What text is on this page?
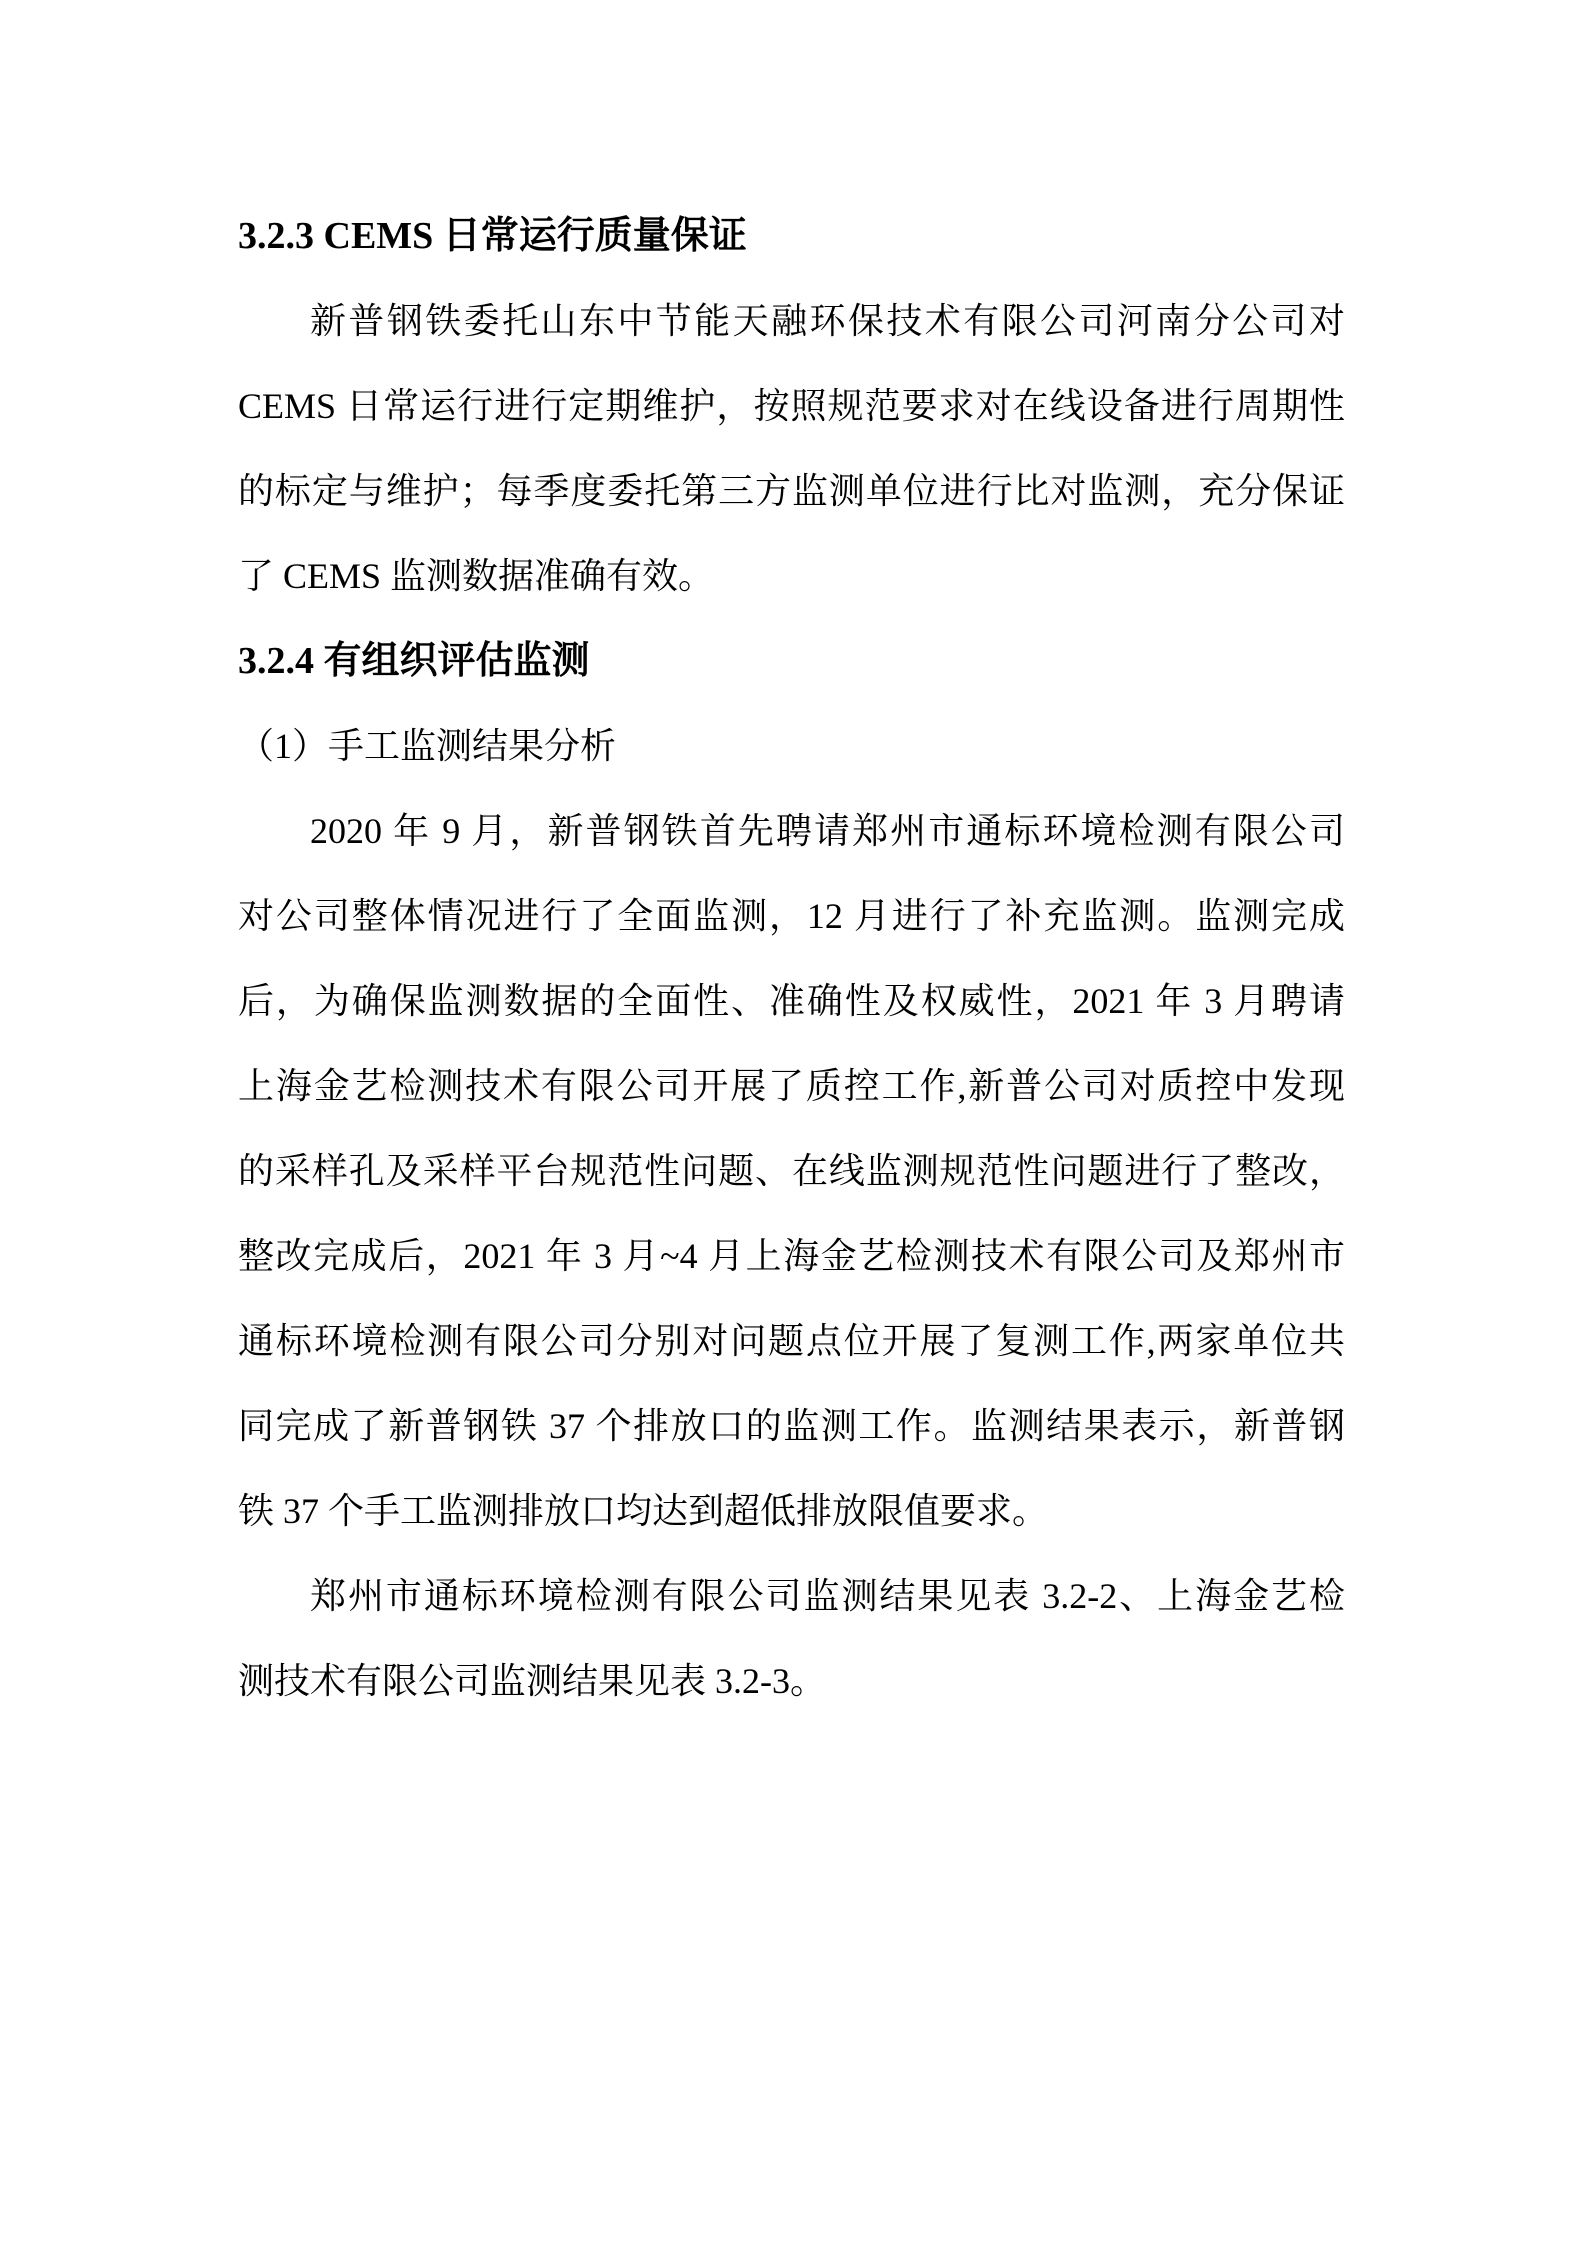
3.2.3 CEMS 日常运行质量保证

新普钢铁委托山东中节能天融环保技术有限公司河南分公司对
CEMS 日常运行进行定期维护，按照规范要求对在线设备进行周期性
的标定与维护；每季度委托第三方监测单位进行比对监测，充分保证
了 CEMS 监测数据准确有效。

3.2.4 有组织评估监测
（1）手工监测结果分析

2020 年 9 月，新普钢铁首先聘请郑州市通标环境检测有限公司
对公司整体情况进行了全面监测，12 月进行了补充监测。监测完成
后，为确保监测数据的全面性、准确性及权威性，2021 年 3 月聘请
上海金艺检测技术有限公司开展了质控工作,新普公司对质控中发现
的采样孔及采样平台规范性问题、在线监测规范性问题进行了整改，
整改完成后，2021 年 3 月~4 月上海金艺检测技术有限公司及郑州市
通标环境检测有限公司分别对问题点位开展了复测工作,两家单位共
同完成了新普钢铁 37 个排放口的监测工作。监测结果表示，新普钢
铁 37 个手工监测排放口均达到超低排放限值要求。

郑州市通标环境检测有限公司监测结果见表 3.2-2、上海金艺检
测技术有限公司监测结果见表 3.2-3。
